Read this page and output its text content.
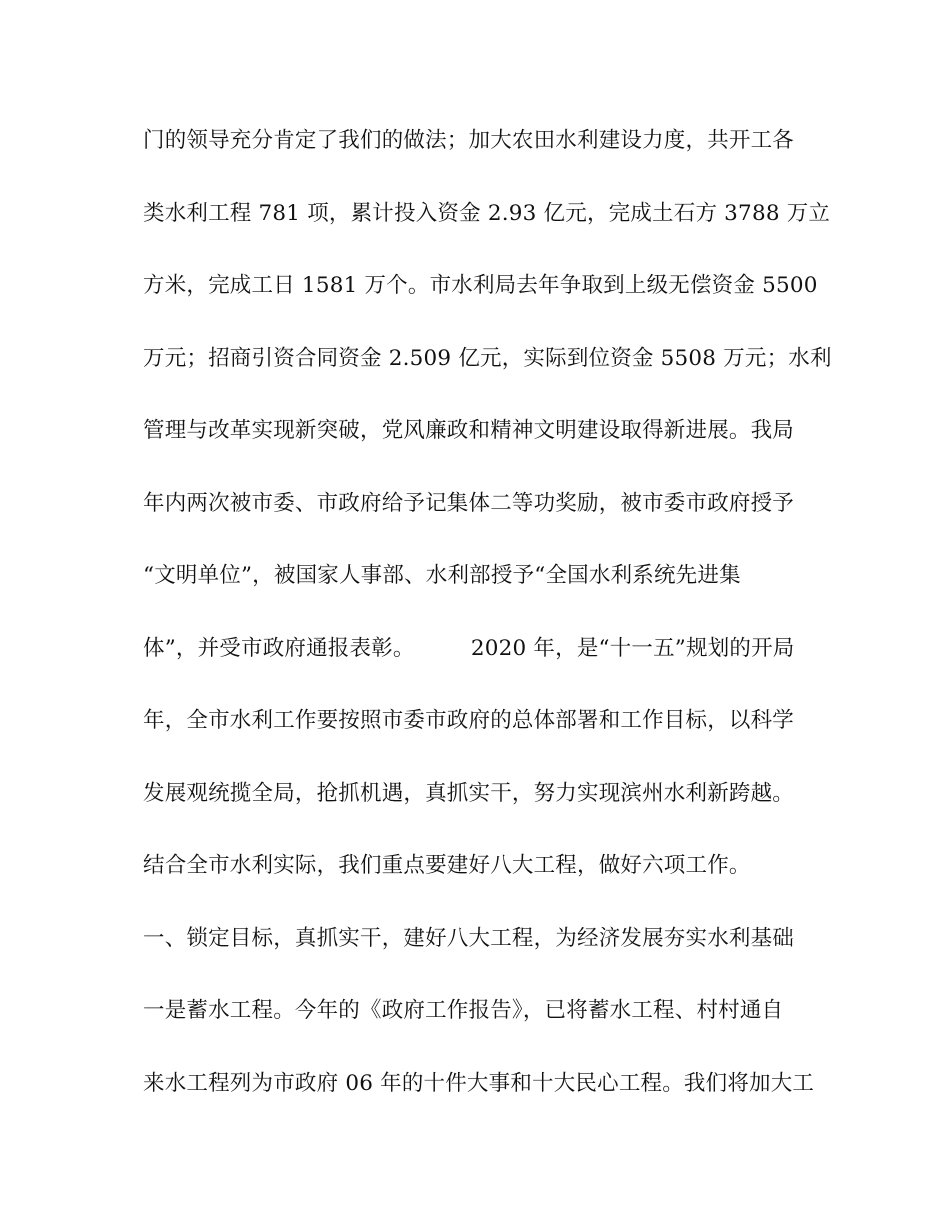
门的领导充分肯定了我们的做法；加大农田水利建设力度，共开工各
类水利工程 781 项，累计投入资金 2.93 亿元，完成土石方 3788 万立
方米，完成工日 1581 万个。市水利局去年争取到上级无偿资金 5500
万元；招商引资合同资金 2.509 亿元，实际到位资金 5508 万元；水利
管理与改革实现新突破，党风廉政和精神文明建设取得新进展。我局
年内两次被市委、市政府给予记集体二等功奖励，被市委市政府授予
“文明单位”，被国家人事部、水利部授予“全国水利系统先进集
体”，并受市政府通报表彰。        2020 年，是“十一五”规划的开局
年，全市水利工作要按照市委市政府的总体部署和工作目标，以科学
发展观统揽全局，抢抓机遇，真抓实干，努力实现滨州水利新跨越。
结合全市水利实际，我们重点要建好八大工程，做好六项工作。
一、锁定目标，真抓实干，建好八大工程，为经济发展夯实水利基础
一是蓄水工程。今年的《政府工作报告》，已将蓄水工程、村村通自
来水工程列为市政府 06 年的十件大事和十大民心工程。我们将加大工
